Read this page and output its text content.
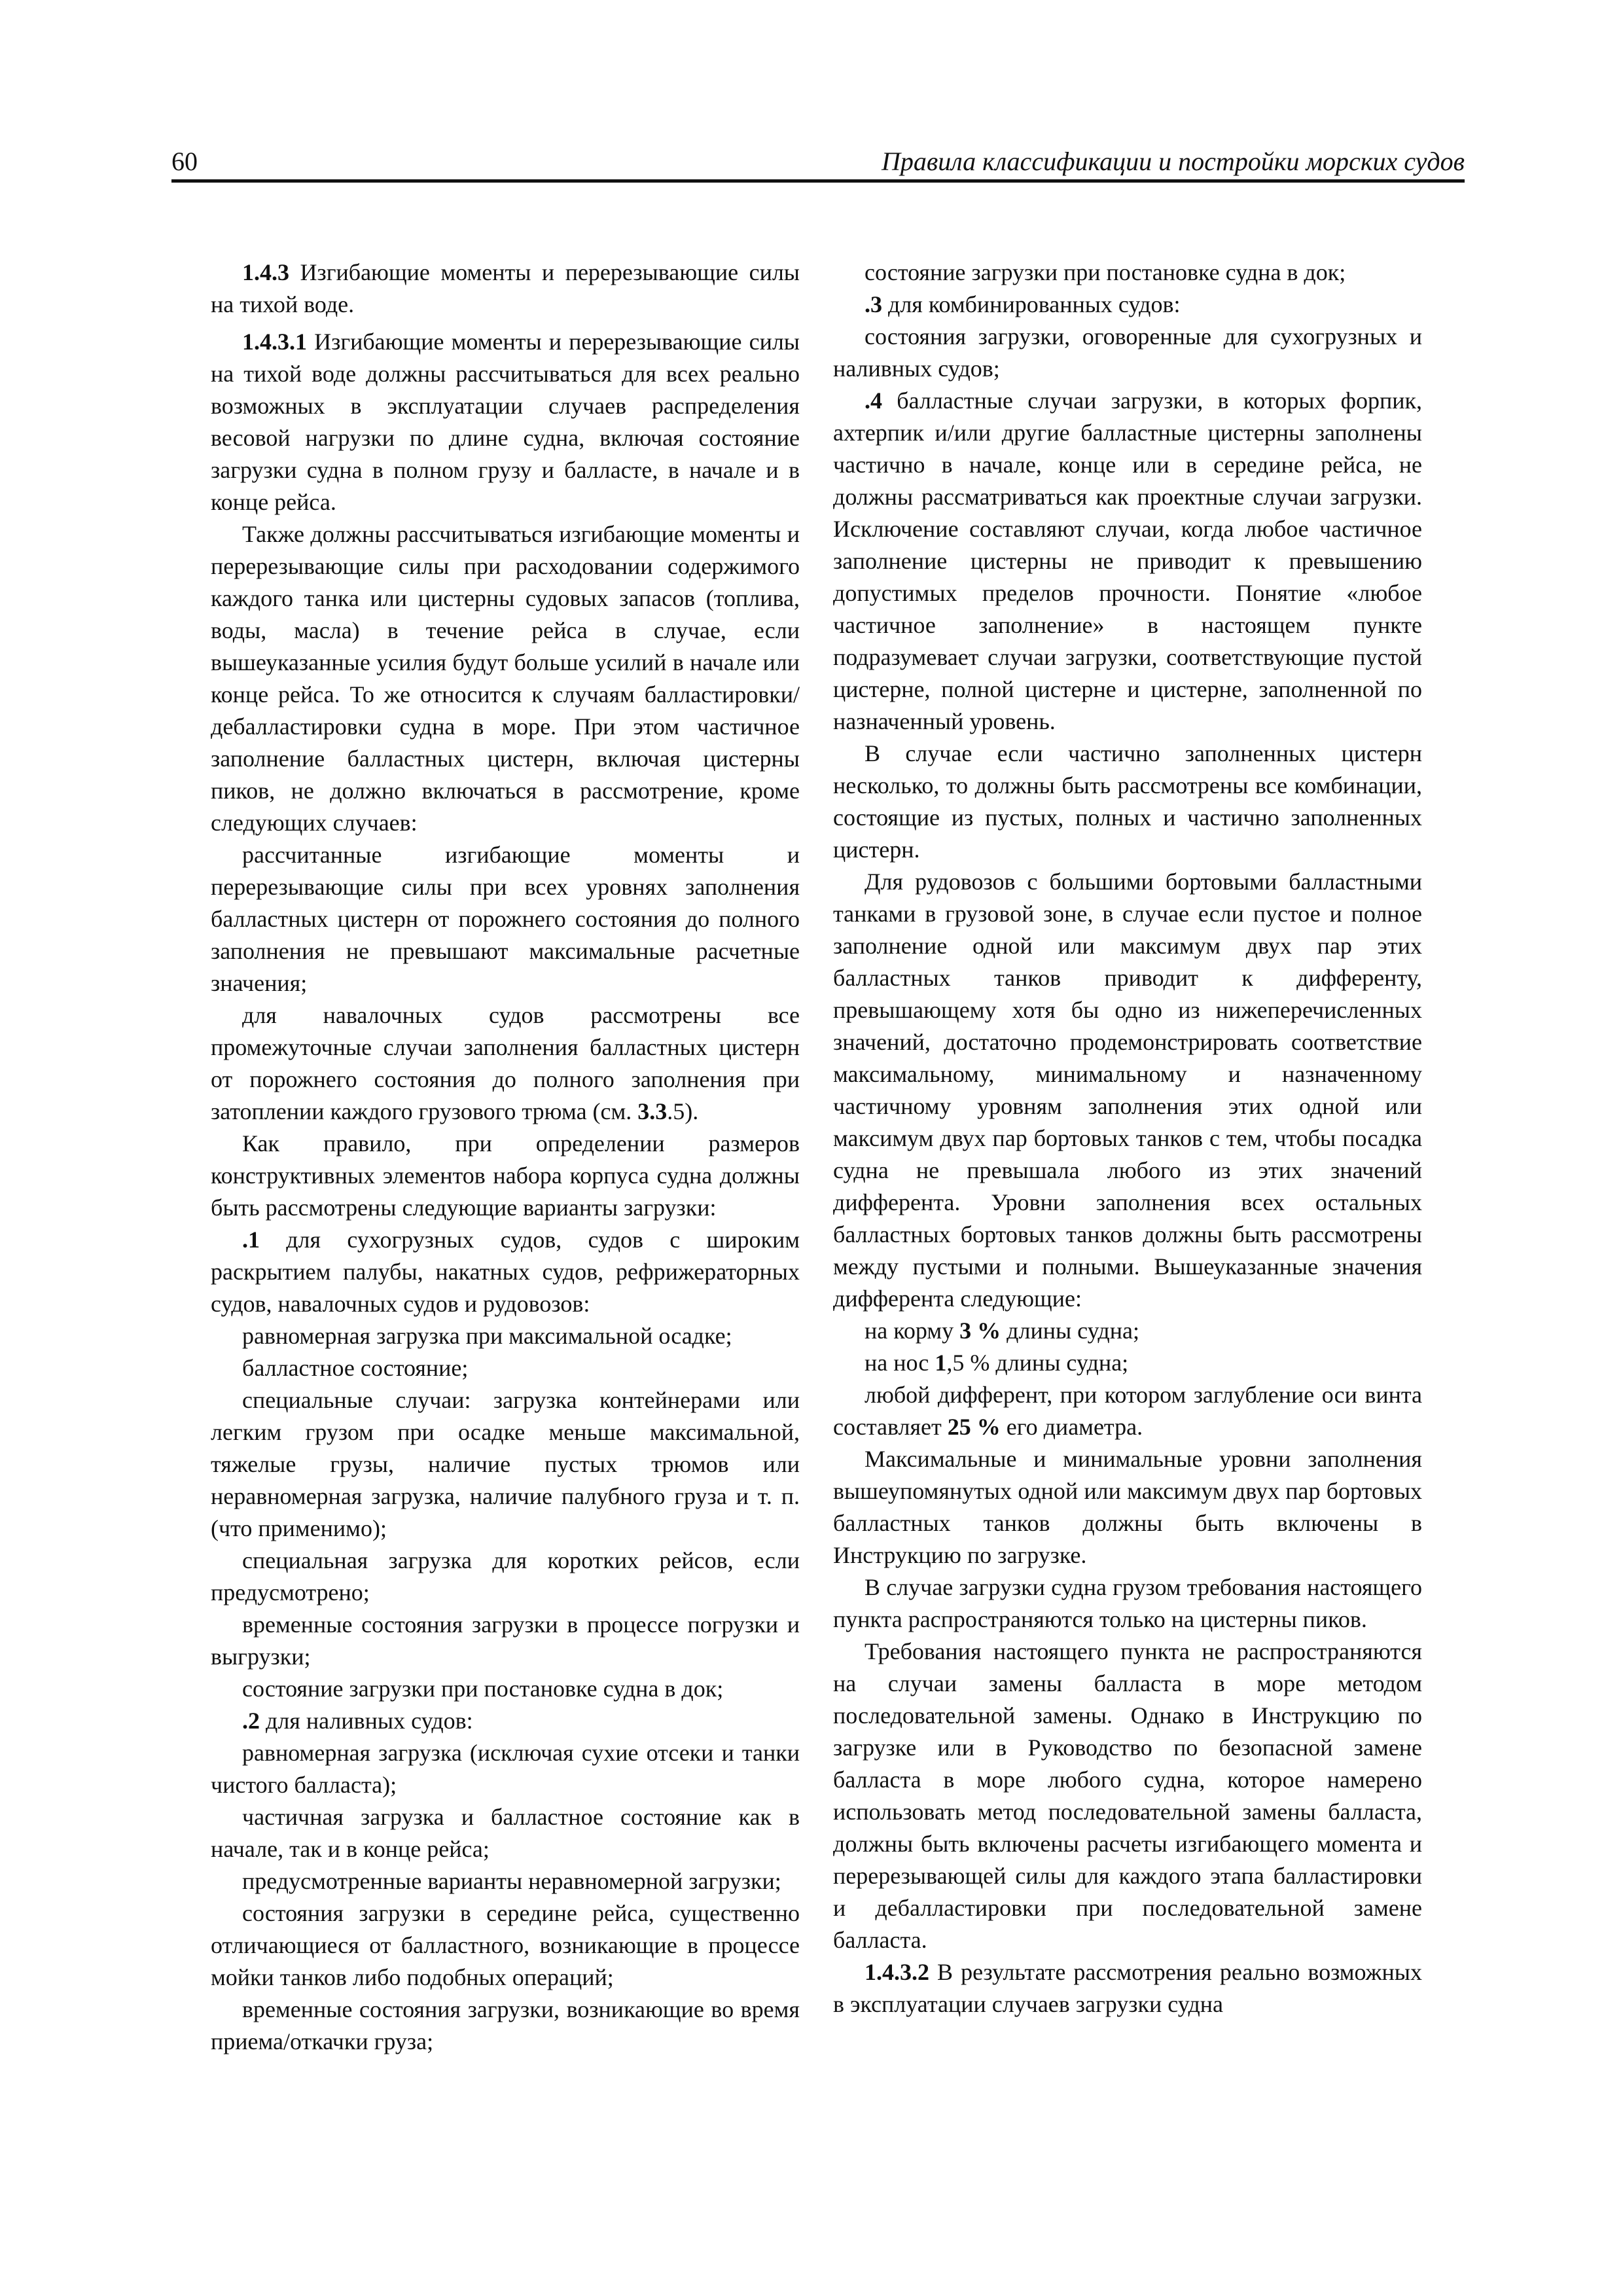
60	Правила классификации и постройки морских судов

1.4.3 Изгибающие моменты и перерезывающие силы на тихой воде.

1.4.3.1 Изгибающие моменты и перерезывающие силы на тихой воде должны рассчитываться для всех реально возможных в эксплуатации случаев распределения весовой нагрузки по длине судна, включая состояние загрузки судна в полном грузу и балласте, в начале и в конце рейса.

Также должны рассчитываться изгибающие моменты и перерезывающие силы при расходовании содержимого каждого танка или цистерны судовых запасов (топлива, воды, масла) в течение рейса в случае, если вышеуказанные усилия будут больше усилий в начале или конце рейса. То же относится к случаям балластировки/дебалластировки судна в море. При этом частичное заполнение балластных цистерн, включая цистерны пиков, не должно включаться в рассмотрение, кроме следующих случаев:

рассчитанные изгибающие моменты и перерезывающие силы при всех уровнях заполнения балластных цистерн от порожнего состояния до полного заполнения не превышают максимальные расчетные значения;

для навалочных судов рассмотрены все промежуточные случаи заполнения балластных цистерн от порожнего состояния до полного заполнения при затоплении каждого грузового трюма (см. 3.3.5).

Как правило, при определении размеров конструктивных элементов набора корпуса судна должны быть рассмотрены следующие варианты загрузки:

.1 для сухогрузных судов, судов с широким раскрытием палубы, накатных судов, рефрижераторных судов, навалочных судов и рудовозов:

равномерная загрузка при максимальной осадке;

балластное состояние;

специальные случаи: загрузка контейнерами или легким грузом при осадке меньше максимальной, тяжелые грузы, наличие пустых трюмов или неравномерная загрузка, наличие палубного груза и т. п. (что применимо);

специальная загрузка для коротких рейсов, если предусмотрено;

временные состояния загрузки в процессе погрузки и выгрузки;

состояние загрузки при постановке судна в док;

.2 для наливных судов:

равномерная загрузка (исключая сухие отсеки и танки чистого балласта);

частичная загрузка и балластное состояние как в начале, так и в конце рейса;

предусмотренные варианты неравномерной загрузки;

состояния загрузки в середине рейса, существенно отличающиеся от балластного, возникающие в процессе мойки танков либо подобных операций;

временные состояния загрузки, возникающие во время приема/откачки груза;

состояние загрузки при постановке судна в док;

.3 для комбинированных судов:

состояния загрузки, оговоренные для сухогрузных и наливных судов;

.4 балластные случаи загрузки, в которых форпик, ахтерпик и/или другие балластные цистерны заполнены частично в начале, конце или в середине рейса, не должны рассматриваться как проектные случаи загрузки. Исключение составляют случаи, когда любое частичное заполнение цистерны не приводит к превышению допустимых пределов прочности. Понятие «любое частичное заполнение» в настоящем пункте подразумевает случаи загрузки, соответствующие пустой цистерне, полной цистерне и цистерне, заполненной по назначенный уровень.

В случае если частично заполненных цистерн несколько, то должны быть рассмотрены все комбинации, состоящие из пустых, полных и частично заполненных цистерн.

Для рудовозов с большими бортовыми балластными танками в грузовой зоне, в случае если пустое и полное заполнение одной или максимум двух пар этих балластных танков приводит к дифференту, превышающему хотя бы одно из нижеперечисленных значений, достаточно продемонстрировать соответствие максимальному, минимальному и назначенному частичному уровням заполнения этих одной или максимум двух пар бортовых танков с тем, чтобы посадка судна не превышала любого из этих значений дифферента. Уровни заполнения всех остальных балластных бортовых танков должны быть рассмотрены между пустыми и полными. Вышеуказанные значения дифферента следующие:

на корму 3 % длины судна;

на нос 1,5 % длины судна;

любой дифферент, при котором заглубление оси винта составляет 25 % его диаметра.

Максимальные и минимальные уровни заполнения вышеупомянутых одной или максимум двух пар бортовых балластных танков должны быть включены в Инструкцию по загрузке.

В случае загрузки судна грузом требования настоящего пункта распространяются только на цистерны пиков.

Требования настоящего пункта не распространяются на случаи замены балласта в море методом последовательной замены. Однако в Инструкцию по загрузке или в Руководство по безопасной замене балласта в море любого судна, которое намерено использовать метод последовательной замены балласта, должны быть включены расчеты изгибающего момента и перерезывающей силы для каждого этапа балластировки и дебалластировки при последовательной замене балласта.

1.4.3.2 В результате рассмотрения реально возможных в эксплуатации случаев загрузки судна
